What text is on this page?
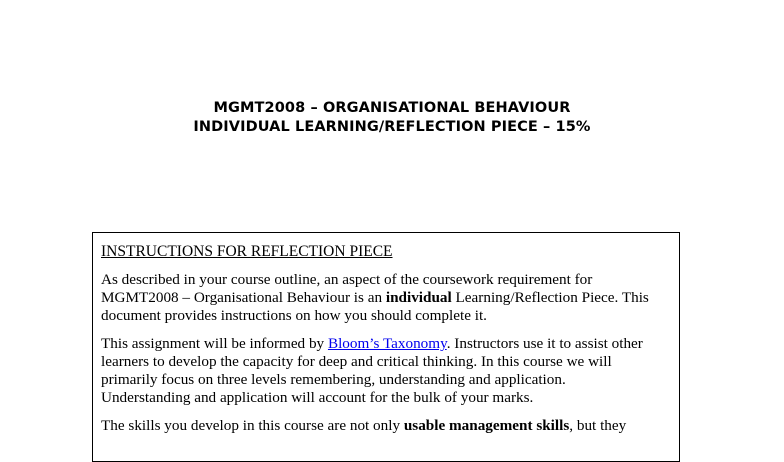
MGMT2008 – ORGANISATIONAL BEHAVIOUR
INDIVIDUAL LEARNING/REFLECTION PIECE – 15%
INSTRUCTIONS FOR REFLECTION PIECE
As described in your course outline, an aspect of the coursework requirement for
MGMT2008 – Organisational Behaviour is an individual Learning/Reflection Piece. This
document provides instructions on how you should complete it.
This assignment will be informed by Bloom’s Taxonomy. Instructors use it to assist other
learners to develop the capacity for deep and critical thinking. In this course we will
primarily focus on three levels remembering, understanding and application.
Understanding and application will account for the bulk of your marks.
The skills you develop in this course are not only usable management skills, but they
